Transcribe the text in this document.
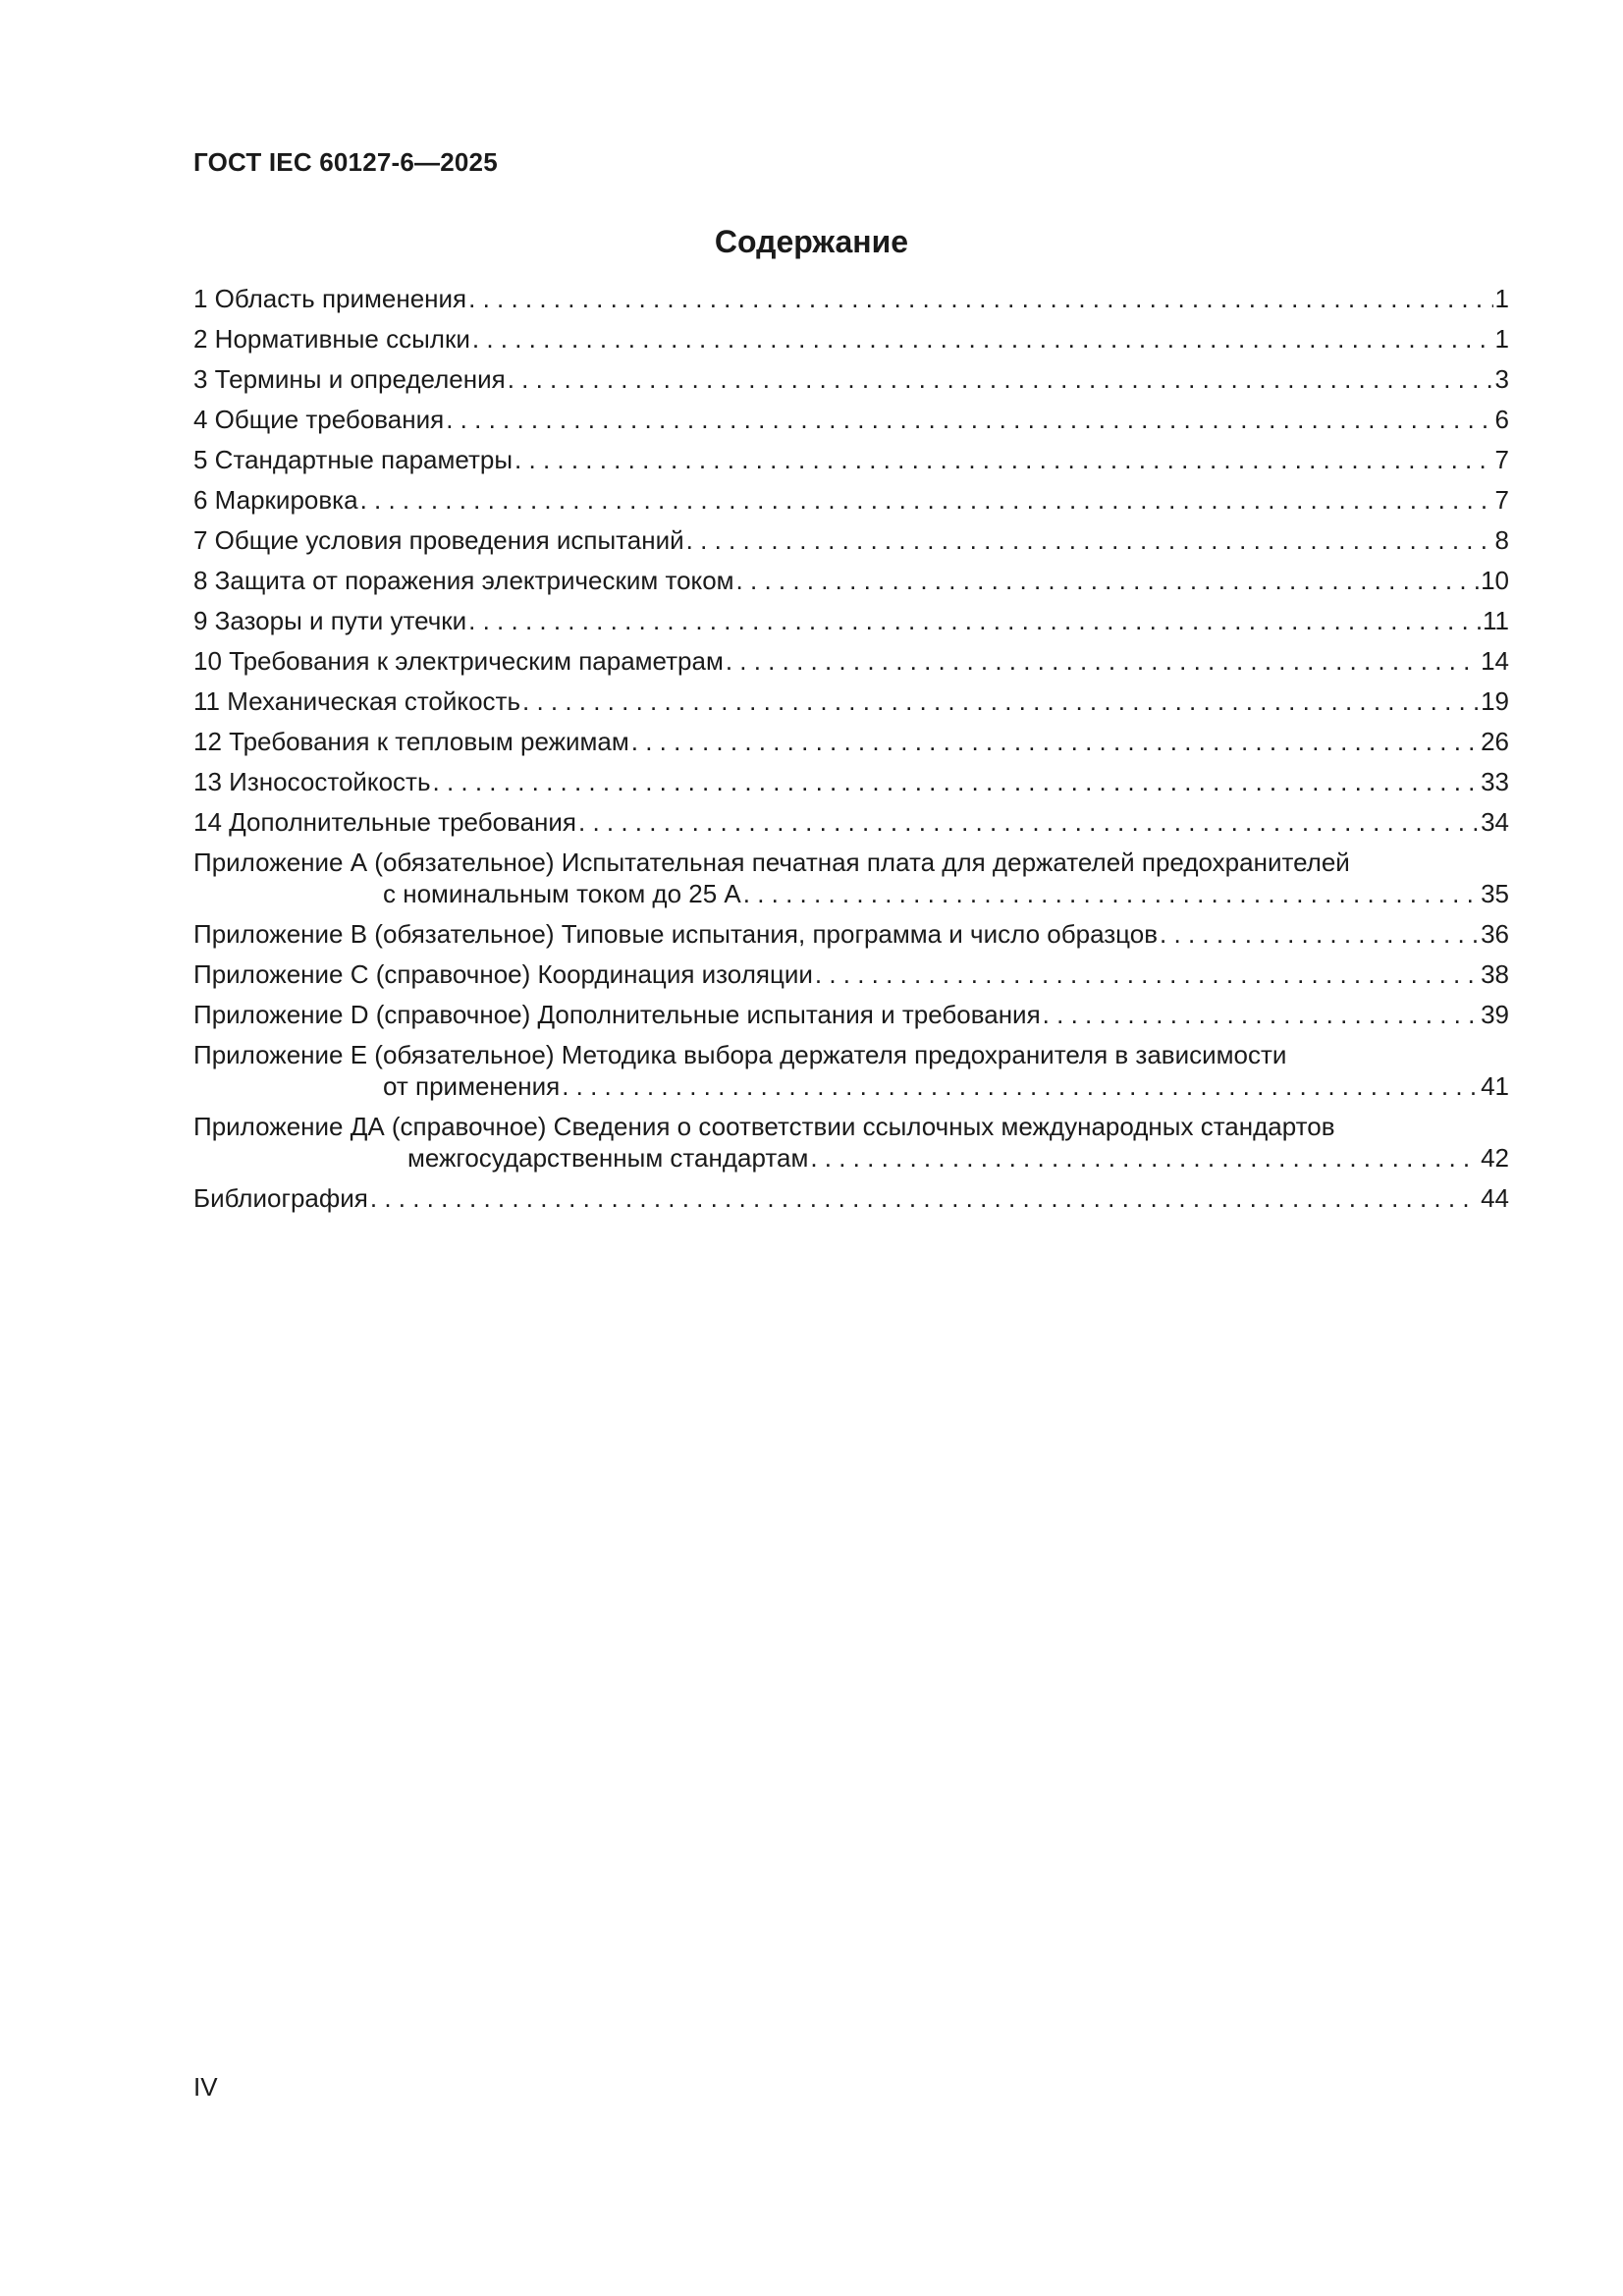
ГОСТ IEC 60127-6—2025
Содержание
1 Область применения . . .	1
2 Нормативные ссылки . . .	1
3 Термины и определения . . .	3
4 Общие требования . . .	6
5 Стандартные параметры . . .	7
6 Маркировка . . .	7
7 Общие условия проведения испытаний . . .	8
8 Защита от поражения электрическим током . . .	10
9 Зазоры и пути утечки . . .	11
10 Требования к электрическим параметрам . . .	14
11 Механическая стойкость . . .	19
12 Требования к тепловым режимам . . .	26
13 Износостойкость . . .	33
14 Дополнительные требования . . .	34
Приложение А (обязательное) Испытательная печатная плата для держателей предохранителей
с номинальным током до 25 А . . .	35
Приложение В (обязательное) Типовые испытания, программа и число образцов . . .	36
Приложение С (справочное) Координация изоляции . . .	38
Приложение D (справочное) Дополнительные испытания и требования . . .	39
Приложение Е (обязательное) Методика выбора держателя предохранителя в зависимости
от применения . . .	41
Приложение ДА (справочное) Сведения о соответствии ссылочных международных стандартов
межгосударственным стандартам . . .	42
Библиография . . .	44
IV
